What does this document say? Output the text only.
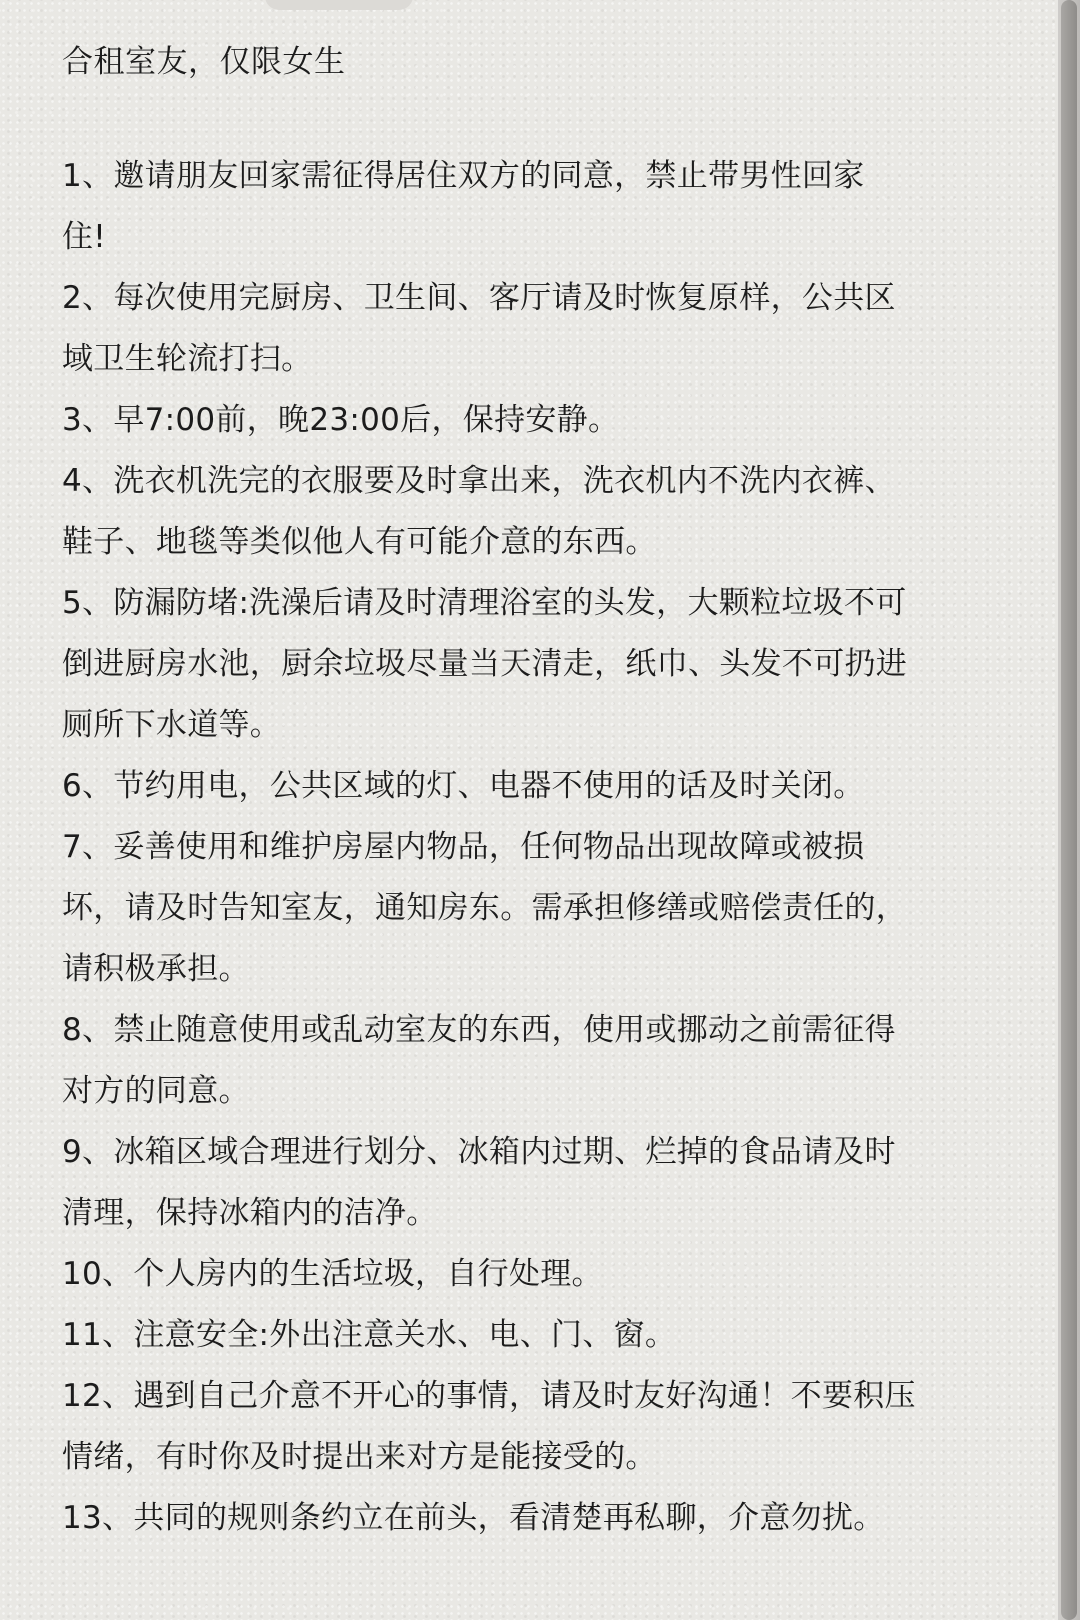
合租室友，仅限女生

1、邀请朋友回家需征得居住双方的同意，禁止带男性回家

住!

2、每次使用完厨房、卫生间、客厅请及时恢复原样，公共区

域卫生轮流打扫。

3、早7:00前，晚23:00后，保持安静。

4、洗衣机洗完的衣服要及时拿出来，洗衣机内不洗内衣裤、

鞋子、地毯等类似他人有可能介意的东西。

5、防漏防堵:洗澡后请及时清理浴室的头发，大颗粒垃圾不可

倒进厨房水池，厨余垃圾尽量当天清走，纸巾、头发不可扔进

厕所下水道等。

6、节约用电，公共区域的灯、电器不使用的话及时关闭。

7、妥善使用和维护房屋内物品，任何物品出现故障或被损

坏，请及时告知室友，通知房东。需承担修缮或赔偿责任的，

请积极承担。

8、禁止随意使用或乱动室友的东西，使用或挪动之前需征得

对方的同意。

9、冰箱区域合理进行划分、冰箱内过期、烂掉的食品请及时

清理，保持冰箱内的洁净。

10、个人房内的生活垃圾，自行处理。

11、注意安全:外出注意关水、电、门、窗。

12、遇到自己介意不开心的事情，请及时友好沟通！不要积压

情绪，有时你及时提出来对方是能接受的。

13、共同的规则条约立在前头，看清楚再私聊，介意勿扰。
